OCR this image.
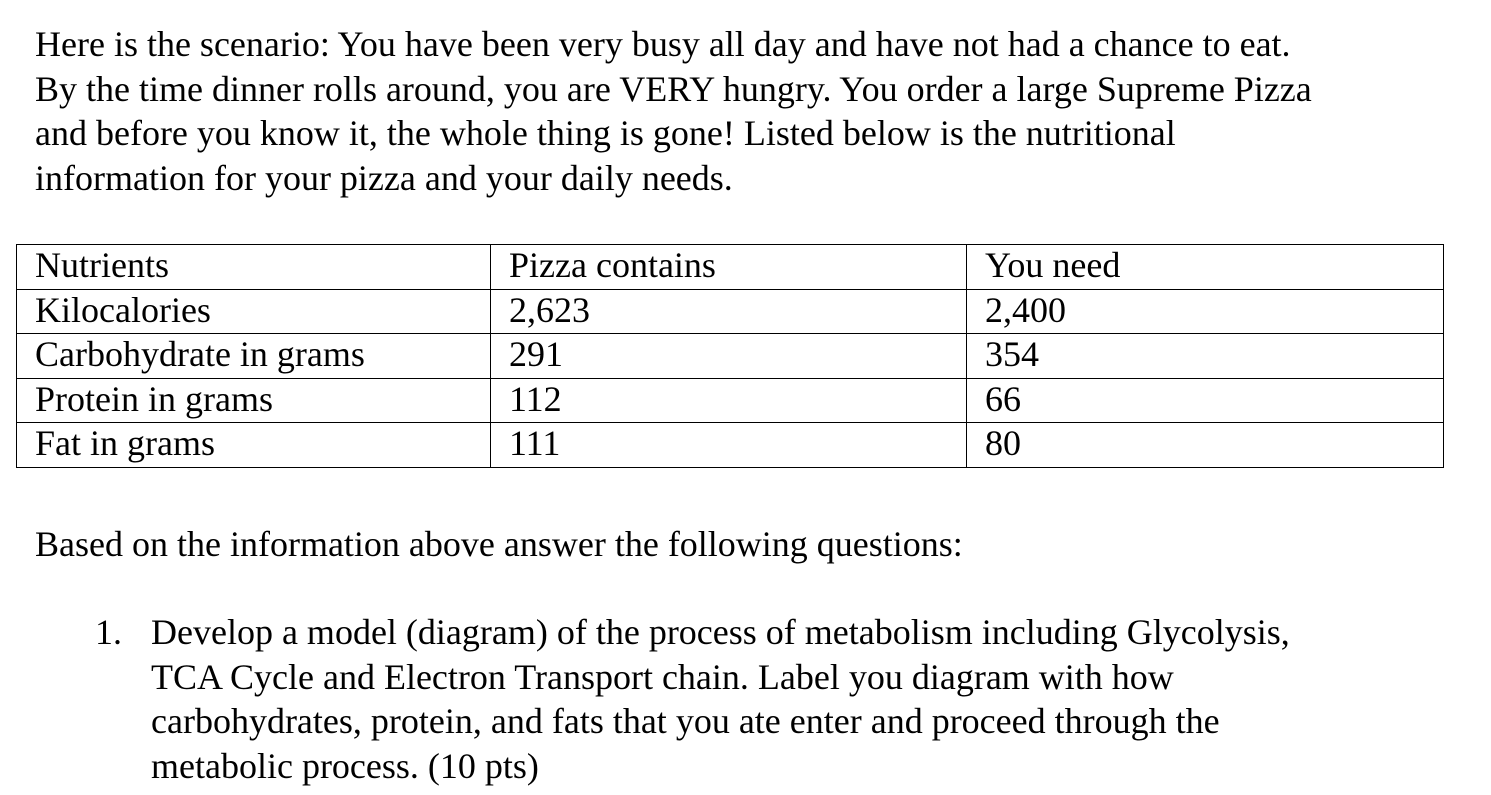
Here is the scenario: You have been very busy all day and have not had a chance to eat.
By the time dinner rolls around, you are VERY hungry. You order a large Supreme Pizza
and before you know it, the whole thing is gone! Listed below is the nutritional
information for your pizza and your daily needs.
Nutrients	Pizza contains	You need
Kilocalories	2,623	2,400
Carbohydrate in grams	291	354
Protein in grams	112	66
Fat in grams	111	80

Based on the information above answer the following questions:

1. Develop a model (diagram) of the process of metabolism including Glycolysis,
TCA Cycle and Electron Transport chain. Label you diagram with how
carbohydrates, protein, and fats that you ate enter and proceed through the
metabolic process. (10 pts)
